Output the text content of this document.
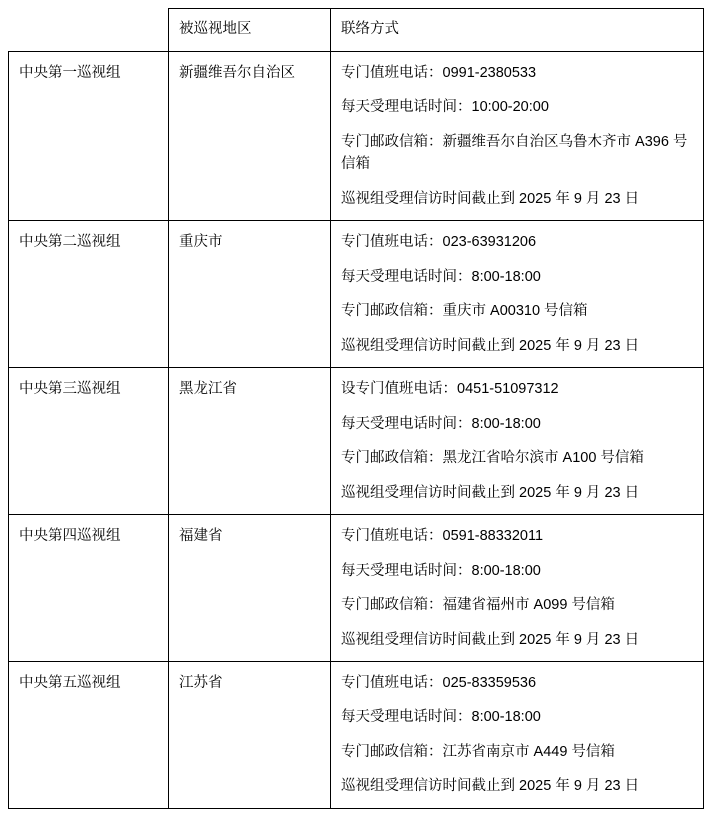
	被巡视地区	联络方式
中央第一巡视组	新疆维吾尔自治区	专门值班电话：0991-2380533

每天受理电话时间：10:00-20:00

专门邮政信箱：新疆维吾尔自治区乌鲁木齐市 A396 号信箱

巡视组受理信访时间截止到 2025 年 9 月 23 日

中央第二巡视组	重庆市	专门值班电话：023-63931206

每天受理电话时间：8:00-18:00

专门邮政信箱：重庆市 A00310 号信箱

巡视组受理信访时间截止到 2025 年 9 月 23 日

中央第三巡视组	黑龙江省	设专门值班电话：0451-51097312

每天受理电话时间：8:00-18:00

专门邮政信箱：黑龙江省哈尔滨市 A100 号信箱

巡视组受理信访时间截止到 2025 年 9 月 23 日

中央第四巡视组	福建省	专门值班电话：0591-88332011

每天受理电话时间：8:00-18:00

专门邮政信箱：福建省福州市 A099 号信箱

巡视组受理信访时间截止到 2025 年 9 月 23 日

中央第五巡视组	江苏省	专门值班电话：025-83359536

每天受理电话时间：8:00-18:00

专门邮政信箱：江苏省南京市 A449 号信箱

巡视组受理信访时间截止到 2025 年 9 月 23 日
